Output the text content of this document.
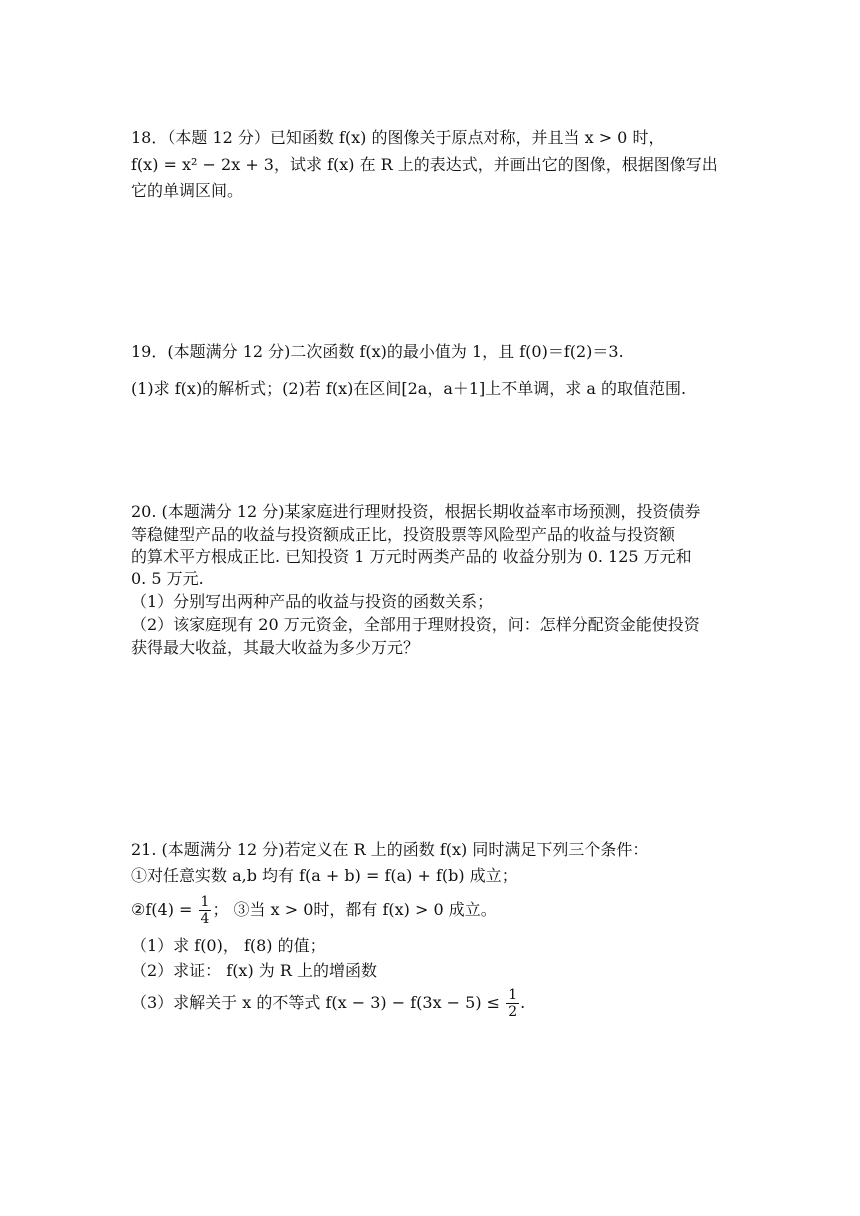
18．（本题 12 分）已知函数 f(x) 的图像关于原点对称，并且当 x > 0 时，
f(x) = x² − 2x + 3，试求 f(x) 在 R 上的表达式，并画出它的图像，根据图像写出
它的单调区间。
19．(本题满分 12 分)二次函数 f(x)的最小值为 1，且 f(0)＝f(2)＝3.
(1)求 f(x)的解析式；(2)若 f(x)在区间[2a，a＋1]上不单调，求 a 的取值范围.
20. (本题满分 12 分)某家庭进行理财投资，根据长期收益率市场预测，投资债券
等稳健型产品的收益与投资额成正比，投资股票等风险型产品的收益与投资额
的算术平方根成正比. 已知投资 1 万元时两类产品的 收益分别为 0. 125 万元和
0. 5 万元.
（1）分别写出两种产品的收益与投资的函数关系；
（2）该家庭现有 20 万元资金，全部用于理财投资，问：怎样分配资金能使投资
获得最大收益，其最大收益为多少万元？
21. (本题满分 12 分)若定义在 R 上的函数 f(x) 同时满足下列三个条件：
①对任意实数 a,b 均有 f(a + b) = f(a) + f(b) 成立；
②f(4) = $\frac{1}{4}$ ； ③当 x > 0时，都有 f(x) > 0 成立。
（1）求 f(0)， f(8) 的值；
（2）求证： f(x) 为 R 上的增函数
（3）求解关于 x 的不等式 $f(x - 3) - f(3x - 5) \le \frac{1}{2}$ .
